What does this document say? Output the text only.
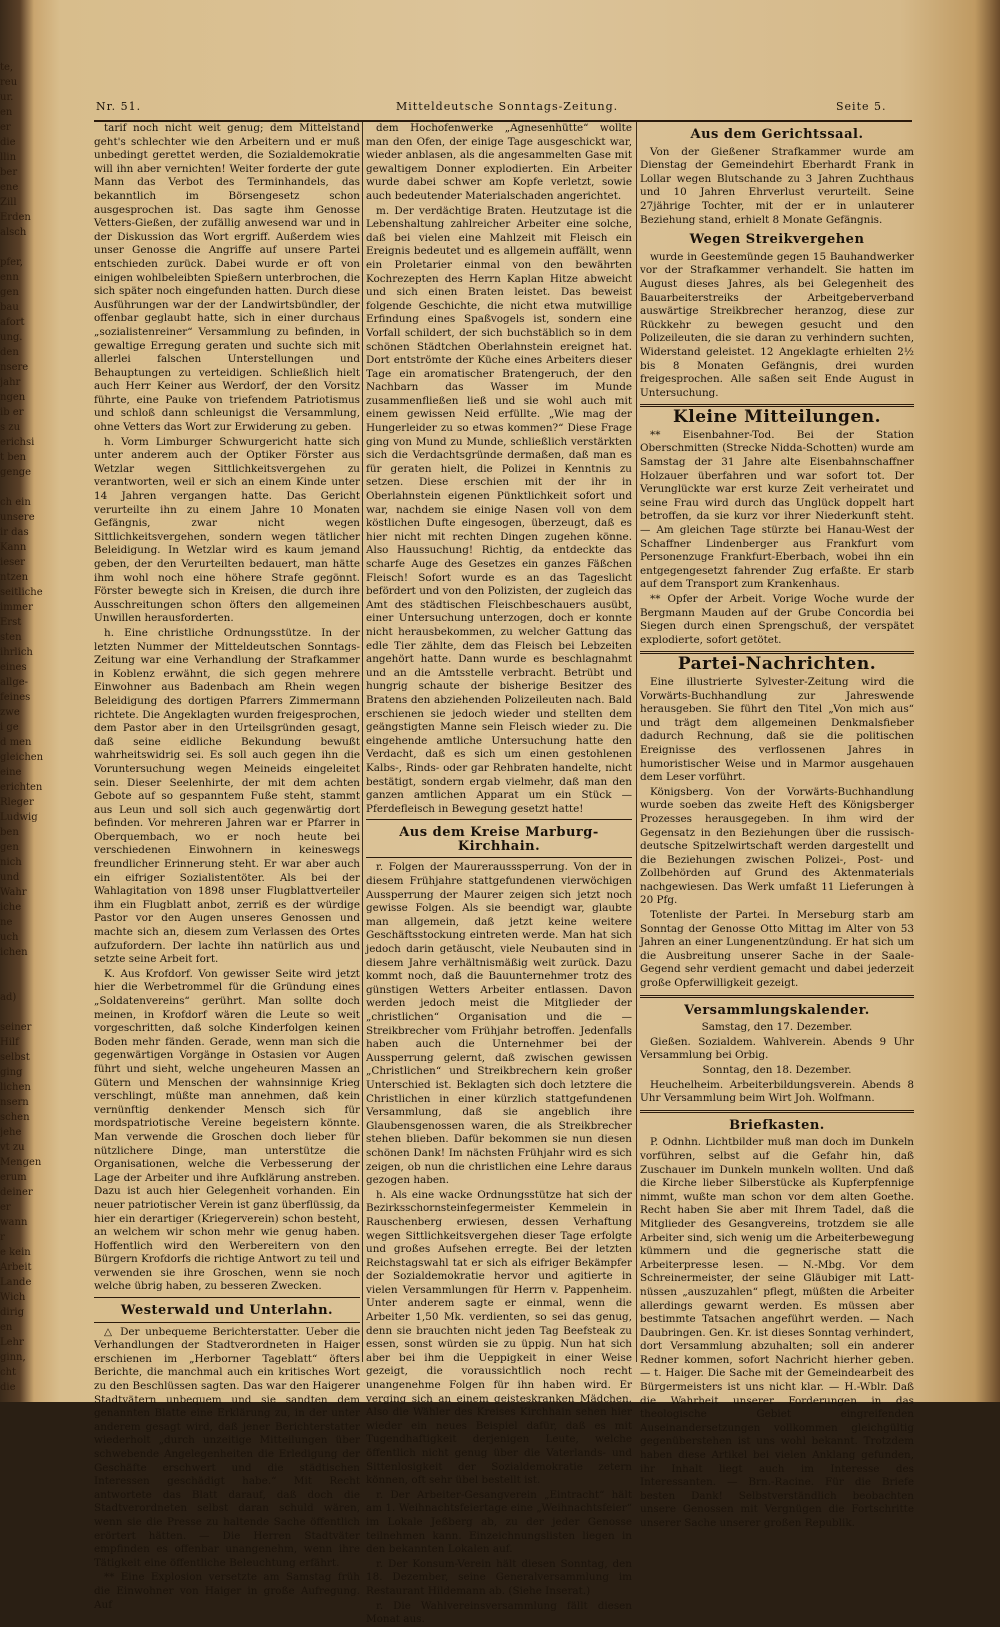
te,
reu
ur.
en
er
die
llin
ber
ene
Zill
Erden
alsch

pfer,
enn
gen
bau
afort
ung.
den
nsere
jahr
ngen
ib er
s zu
erichsi
t ben
genge

ch ein
unsere
ir das
Kann
ieser
ntzen
seitliche
immer
Erst
sten
ihrlich
eines
allge-
feines
zwe
i ge
d men
gleichen
eine
erichten
Rleger
Ludwig
ben
gen
nich
und
Wahr
iche
ne
uch
ichen

ad)

seiner
Hilf
selbst
ging
lichen
nsern
schen
jehe
vt zu
Mengen
erum
deiner
er
wann
r
e kein
Arbeit
Lande
Wich
dirig
en
Lehr
ginn,
cht
die
Nr. 51.	Mitteldeutsche Sonntags-Zeitung.	Seite 5.

tarif noch nicht weit genug; dem Mittelstand geht's schlechter wie den Arbeitern und er muß unbedingt gerettet werden, die Sozialdemokratie will ihn aber vernichten! Weiter forderte der gute Mann das Verbot des Terminhandels, das bekanntlich im Börsengesetz schon ausgesprochen ist. Das sagte ihm Genosse Vetters-Gießen, der zufällig anwesend war und in der Diskussion das Wort ergriff. Außerdem wies unser Genosse die Angriffe auf unsere Partei entschieden zurück. Dabei wurde er oft von einigen wohlbeleibten Spießern unterbrochen, die sich später noch eingefunden hatten. Durch diese Ausführungen war der der Landwirtsbündler, der offenbar geglaubt hatte, sich in einer durchaus „sozialistenreiner“ Versammlung zu befinden, in gewaltige Erregung geraten und suchte sich mit allerlei falschen Unterstellungen und Behauptungen zu verteidigen. Schließlich hielt auch Herr Keiner aus Werdorf, der den Vorsitz führte, eine Pauke von triefendem Patriotismus und schloß dann schleunigst die Versammlung, ohne Vetters das Wort zur Erwiderung zu geben.

h. Vorm Limburger Schwurgericht hatte sich unter anderem auch der Optiker Förster aus Wetzlar wegen Sittlichkeitsvergehen zu verantworten, weil er sich an einem Kinde unter 14 Jahren vergangen hatte. Das Gericht verurteilte ihn zu einem Jahre 10 Monaten Gefängnis, zwar nicht wegen Sittlichkeitsvergehen, sondern wegen tätlicher Beleidigung. In Wetzlar wird es kaum jemand geben, der den Verurteilten bedauert, man hätte ihm wohl noch eine höhere Strafe gegönnt. Förster bewegte sich in Kreisen, die durch ihre Ausschreitungen schon öfters den allgemeinen Unwillen herausforderten.

h. Eine christliche Ordnungsstütze. In der letzten Nummer der Mitteldeutschen Sonntags-Zeitung war eine Verhandlung der Strafkammer in Koblenz erwähnt, die sich gegen mehrere Einwohner aus Badenbach am Rhein wegen Beleidigung des dortigen Pfarrers Zimmermann richtete. Die Angeklagten wurden freigesprochen, dem Pastor aber in den Urteilsgründen gesagt, daß seine eidliche Bekundung bewußt wahrheitswidrig sei. Es soll auch gegen ihn die Voruntersuchung wegen Meineids eingeleitet sein. Dieser Seelenhirte, der mit dem achten Gebote auf so gespanntem Fuße steht, stammt aus Leun und soll sich auch gegenwärtig dort befinden. Vor mehreren Jahren war er Pfarrer in Oberquembach, wo er noch heute bei verschiedenen Einwohnern in keineswegs freundlicher Erinnerung steht. Er war aber auch ein eifriger Sozialistentöter. Als bei der Wahlagitation von 1898 unser Flugblattverteiler ihm ein Flugblatt anbot, zerriß es der würdige Pastor vor den Augen unseres Genossen und machte sich an, diesem zum Verlassen des Ortes aufzufordern. Der lachte ihn natürlich aus und setzte seine Arbeit fort.

K. Aus Krofdorf. Von gewisser Seite wird jetzt hier die Werbetrommel für die Gründung eines „Soldatenvereins“ gerührt. Man sollte doch meinen, in Krofdorf wären die Leute so weit vorgeschritten, daß solche Kinderfolgen keinen Boden mehr fänden. Gerade, wenn man sich die gegenwärtigen Vorgänge in Ostasien vor Augen führt und sieht, welche ungeheuren Massen an Gütern und Menschen der wahnsinnige Krieg verschlingt, müßte man annehmen, daß kein vernünftig denkender Mensch sich für mordspatriotische Vereine begeistern könnte. Man verwende die Groschen doch lieber für nützlichere Dinge, man unterstütze die Organisationen, welche die Verbesserung der Lage der Arbeiter und ihre Aufklärung anstreben. Dazu ist auch hier Gelegenheit vorhanden. Ein neuer patriotischer Verein ist ganz überflüssig, da hier ein derartiger (Kriegerverein) schon besteht, an welchem wir schon mehr wie genug haben. Hoffentlich wird den Werbereitern von den Bürgern Krofdorfs die richtige Antwort zu teil und verwenden sie ihre Groschen, wenn sie noch welche übrig haben, zu besseren Zwecken.

Westerwald und Unterlahn.

△ Der unbequeme Berichterstatter. Ueber die Verhandlungen der Stadtverordneten in Haiger erschienen im „Herborner Tageblatt“ öfters Berichte, die manchmal auch ein kritisches Wort zu den Beschlüssen sagten. Das war den Haigerer Stadtvätern unbequem und sie sandten dem genannten Blatte eine Erklärung zu, in der unter anderem gesagt wird, daß jener Berichterstatter wiederholt „durch unzeitige Mitteilungen über schwebende Angelegenheiten die Erledigung der Geschäfte erschwert und die städtischen Interessen geschädigt habe.“ Mit Recht antwortete das Blatt darauf, daß doch die Stadtverordneten selbst daran schuld wären, wenn sie die Presse zu haltende Sache öffentlich erörtert hätten. — Die Herren Stadtväter empfinden es offenbar unangenehm, wenn ihre Tätigkeit eine öffentliche Beleuchtung erfährt.

** Eine Explosion versetzte am Samstag früh die Einwohner von Haiger in große Aufregung. Auf

dem Hochofenwerke „Agnesenhütte“ wollte man den Ofen, der einige Tage ausgeschickt war, wieder anblasen, als die angesammelten Gase mit gewaltigem Donner explodierten. Ein Arbeiter wurde dabei schwer am Kopfe verletzt, sowie auch bedeutender Materialschaden angerichtet.

m. Der verdächtige Braten. Heutzutage ist die Lebenshaltung zahlreicher Arbeiter eine solche, daß bei vielen eine Mahlzeit mit Fleisch ein Ereignis bedeutet und es allgemein auffällt, wenn ein Proletarier einmal von den bewährten Kochrezepten des Herrn Kaplan Hitze abweicht und sich einen Braten leistet. Das beweist folgende Geschichte, die nicht etwa mutwillige Erfindung eines Spaßvogels ist, sondern eine Vorfall schildert, der sich buchstäblich so in dem schönen Städtchen Oberlahnstein ereignet hat. Dort entströmte der Küche eines Arbeiters dieser Tage ein aromatischer Bratengeruch, der den Nachbarn das Wasser im Munde zusammenfließen ließ und sie wohl auch mit einem gewissen Neid erfüllte. „Wie mag der Hungerleider zu so etwas kommen?“ Diese Frage ging von Mund zu Munde, schließlich verstärkten sich die Verdachtsgründe dermaßen, daß man es für geraten hielt, die Polizei in Kenntnis zu setzen. Diese erschien mit der ihr in Oberlahnstein eigenen Pünktlichkeit sofort und war, nachdem sie einige Nasen voll von dem köstlichen Dufte eingesogen, überzeugt, daß es hier nicht mit rechten Dingen zugehen könne. Also Haussuchung! Richtig, da entdeckte das scharfe Auge des Gesetzes ein ganzes Fäßchen Fleisch! Sofort wurde es an das Tageslicht befördert und von den Polizisten, der zugleich das Amt des städtischen Fleischbeschauers ausübt, einer Untersuchung unterzogen, doch er konnte nicht herausbekommen, zu welcher Gattung das edle Tier zählte, dem das Fleisch bei Lebzeiten angehört hatte. Dann wurde es beschlagnahmt und an die Amtsstelle verbracht. Betrübt und hungrig schaute der bisherige Besitzer des Bratens den abziehenden Polizeileuten nach. Bald erschienen sie jedoch wieder und stellten dem geängstigten Manne sein Fleisch wieder zu. Die eingehende amtliche Untersuchung hatte den Verdacht, daß es sich um einen gestohlenen Kalbs-, Rinds- oder gar Rehbraten handelte, nicht bestätigt, sondern ergab vielmehr, daß man den ganzen amtlichen Apparat um ein Stück — Pferdefleisch in Bewegung gesetzt hatte!

Aus dem Kreise Marburg-Kirchhain.

r. Folgen der Maurerausssperrung. Von der in diesem Frühjahre stattgefundenen vierwöchigen Aussperrung der Maurer zeigen sich jetzt noch gewisse Folgen. Als sie beendigt war, glaubte man allgemein, daß jetzt keine weitere Geschäftsstockung eintreten werde. Man hat sich jedoch darin getäuscht, viele Neubauten sind in diesem Jahre verhältnismäßig weit zurück. Dazu kommt noch, daß die Bauunternehmer trotz des günstigen Wetters Arbeiter entlassen. Davon werden jedoch meist die Mitglieder der „christlichen“ Organisation und die — Streikbrecher vom Frühjahr betroffen. Jedenfalls haben auch die Unternehmer bei der Aussperrung gelernt, daß zwischen gewissen „Christlichen“ und Streikbrechern kein großer Unterschied ist. Beklagten sich doch letztere die Christlichen in einer kürzlich stattgefundenen Versammlung, daß sie angeblich ihre Glaubensgenossen waren, die als Streikbrecher stehen blieben. Dafür bekommen sie nun diesen schönen Dank! Im nächsten Frühjahr wird es sich zeigen, ob nun die christlichen eine Lehre daraus gezogen haben.

h. Als eine wacke Ordnungsstütze hat sich der Bezirksschornsteinfegermeister Kemmelein in Rauschenberg erwiesen, dessen Verhaftung wegen Sittlichkeitsvergehen dieser Tage erfolgte und großes Aufsehen erregte. Bei der letzten Reichstagswahl tat er sich als eifriger Bekämpfer der Sozialdemokratie hervor und agitierte in vielen Versammlungen für Herrn v. Pappenheim. Unter anderem sagte er einmal, wenn die Arbeiter 1,50 Mk. verdienten, so sei das genug, denn sie brauchten nicht jeden Tag Beefsteak zu essen, sonst würden sie zu üppig. Nun hat sich aber bei ihm die Ueppigkeit in einer Weise gezeigt, die voraussichtlich noch recht unangenehme Folgen für ihn haben wird. Er verging sich an einem geisteskranken Mädchen. Also die Wähler des Kreises Kirchhain sehen hier wieder ein neues Beispiel dafür, daß es mit Tugendhaftigkeit derjenigen Leute, welche öffentlich nicht genug über die Vaterlands- und Sittenlosigkeit der Sozialdemokratie zetern können, oft sehr übel bestellt ist.

r. Der Arbeiter-Gesangverein „Eintracht“ hält am 1. Weihnachtsfeiertage eine „Weihnachtsfeier“ im Lokale Jeßberg ab, zu der jeder Genosse teilnehmen kann. Einzeichnungslisten liegen in den bekannten Lokalen auf.

r. Der Konsum-Verein hält diesen Sonntag, den 18. Dezember, seine Generalversammlung im Restaurant Hildemann ab. (Siehe Inserat.)

r. Die Wahlvereinsversammlung fällt diesen Monat aus.

Aus dem Gerichtssaal.

Von der Gießener Strafkammer wurde am Dienstag der Gemeindehirt Eberhardt Frank in Lollar wegen Blutschande zu 3 Jahren Zuchthaus und 10 Jahren Ehrverlust verurteilt. Seine 27jährige Tochter, mit der er in unlauterer Beziehung stand, erhielt 8 Monate Gefängnis.

Wegen Streikvergehen

wurde in Geestemünde gegen 15 Bauhandwerker vor der Strafkammer verhandelt. Sie hatten im August dieses Jahres, als bei Gelegenheit des Bauarbeiterstreiks der Arbeitgeberverband auswärtige Streikbrecher heranzog, diese zur Rückkehr zu bewegen gesucht und den Polizeileuten, die sie daran zu verhindern suchten, Widerstand geleistet. 12 Angeklagte erhielten 2½ bis 8 Monaten Gefängnis, drei wurden freigesprochen. Alle saßen seit Ende August in Untersuchung.

Kleine Mitteilungen.

** Eisenbahner-Tod. Bei der Station Oberschmitten (Strecke Nidda-Schotten) wurde am Samstag der 31 Jahre alte Eisenbahnschaffner Holzauer überfahren und war sofort tot. Der Verunglückte war erst kurze Zeit verheiratet und seine Frau wird durch das Unglück doppelt hart betroffen, da sie kurz vor ihrer Niederkunft steht. — Am gleichen Tage stürzte bei Hanau-West der Schaffner Lindenberger aus Frankfurt vom Personenzuge Frankfurt-Eberbach, wobei ihn ein entgegengesetzt fahrender Zug erfaßte. Er starb auf dem Transport zum Krankenhaus.

** Opfer der Arbeit. Vorige Woche wurde der Bergmann Mauden auf der Grube Concordia bei Siegen durch einen Sprengschuß, der verspätet explodierte, sofort getötet.

Partei-Nachrichten.

Eine illustrierte Sylvester-Zeitung wird die Vorwärts-Buchhandlung zur Jahreswende herausgeben. Sie führt den Titel „Von mich aus“ und trägt dem allgemeinen Denkmalsfieber dadurch Rechnung, daß sie die politischen Ereignisse des verflossenen Jahres in humoristischer Weise und in Marmor ausgehauen dem Leser vorführt.

Königsberg. Von der Vorwärts-Buchhandlung wurde soeben das zweite Heft des Königsberger Prozesses herausgegeben. In ihm wird der Gegensatz in den Beziehungen über die russisch-deutsche Spitzelwirtschaft werden dargestellt und die Beziehungen zwischen Polizei-, Post- und Zollbehörden auf Grund des Aktenmaterials nachgewiesen. Das Werk umfaßt 11 Lieferungen à 20 Pfg.

Totenliste der Partei. In Merseburg starb am Sonntag der Genosse Otto Mittag im Alter von 53 Jahren an einer Lungenentzündung. Er hat sich um die Ausbreitung unserer Sache in der Saale-Gegend sehr verdient gemacht und dabei jederzeit große Opferwilligkeit gezeigt.

Versammlungskalender.

Samstag, den 17. Dezember.

Gießen. Sozialdem. Wahlverein. Abends 9 Uhr Versammlung bei Orbig.

Sonntag, den 18. Dezember.

Heuchelheim. Arbeiterbildungsverein. Abends 8 Uhr Versammlung beim Wirt Joh. Wolfmann.

Briefkasten.

P. Odnhn. Lichtbilder muß man doch im Dunkeln vorführen, selbst auf die Gefahr hin, daß Zuschauer im Dunkeln munkeln wollten. Und daß die Kirche lieber Silberstücke als Kupferpfennige nimmt, wußte man schon vor dem alten Goethe. Recht haben Sie aber mit Ihrem Tadel, daß die Mitglieder des Gesangvereins, trotzdem sie alle Arbeiter sind, sich wenig um die Arbeiterbewegung kümmern und die gegnerische statt die Arbeiterpresse lesen. — N.-Mbg. Vor dem Schreinermeister, der seine Gläubiger mit Latt-nüssen „auszuzahlen“ pflegt, müßten die Arbeiter allerdings gewarnt werden. Es müssen aber bestimmte Tatsachen angeführt werden. — Nach Daubringen. Gen. Kr. ist dieses Sonntag verhindert, dort Versammlung abzuhalten; soll ein anderer Redner kommen, sofort Nachricht hierher geben. — t. Haiger. Die Sache mit der Gemeindearbeit des Bürgermeisters ist uns nicht klar. — H.-Wblr. Daß die Wahrheit unserer Forderungen in das theologische Gebiet eingreifenden Auseinandersetzungen vollkommen gleichgültig gegenüberstehen ist uns wohl bekannt. Trotzdem haben diese Artikel bei vielen Anklang gefunden, ihr Inhalt liegt auch im Interesse des Interessanten. — Brn.-Racine. Für die Briefe besten Dank! Selbstverständlich beobachten unsere Genossen mit Vergnügen die Fortschritte unserer Sache unserer großen Republik.
